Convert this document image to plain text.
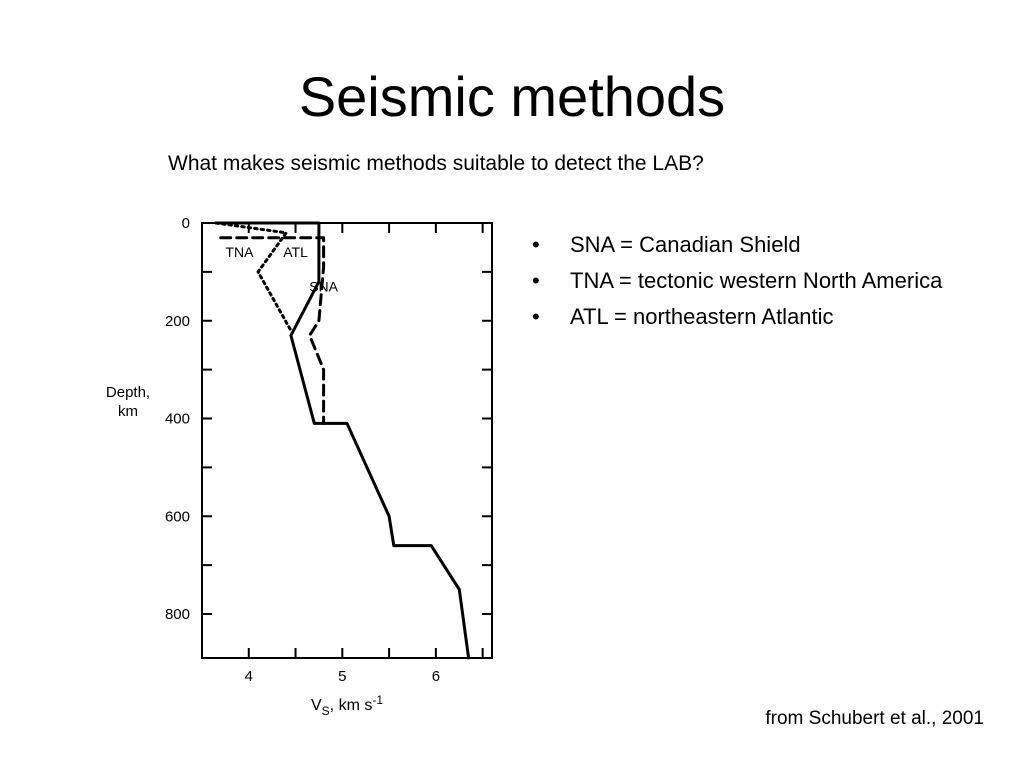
Seismic methods
What makes seismic methods suitable to detect the LAB?
0
200
400
600
800
4	5	6
TNA ATL
SNA
Depth,
km
$V_S$, km $s^{-1}$
• SNA = Canadian Shield
• TNA = tectonic western North America
• ATL = northeastern Atlantic
from Schubert et al., 2001
